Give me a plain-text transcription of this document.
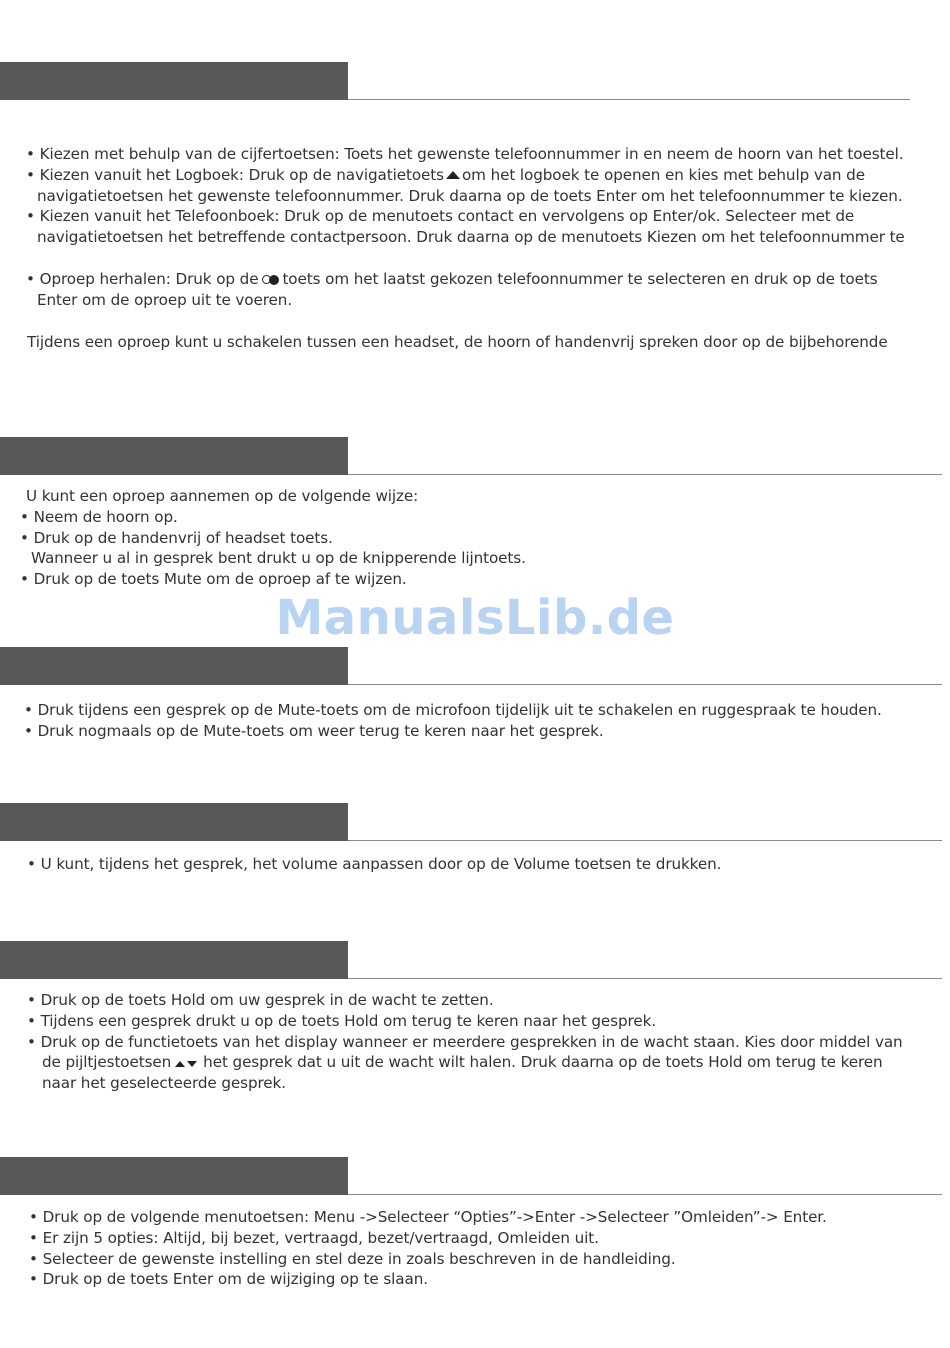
• Kiezen met behulp van de cijfertoetsen: Toets het gewenste telefoonnummer in en neem de hoorn van het toestel.
• Kiezen vanuit het Logboek: Druk op de navigatietoets om het logboek te openen en kies met behulp van de
navigatietoetsen het gewenste telefoonnummer. Druk daarna op de toets Enter om het telefoonnummer te kiezen.
• Kiezen vanuit het Telefoonboek: Druk op de menutoets contact en vervolgens op Enter/ok. Selecteer met de
navigatietoetsen het betreffende contactpersoon. Druk daarna op de menutoets Kiezen om het telefoonnummer te
• Oproep herhalen: Druk op de toets om het laatst gekozen telefoonnummer te selecteren en druk op de toets
Enter om de oproep uit te voeren.
Tijdens een oproep kunt u schakelen tussen een headset, de hoorn of handenvrij spreken door op de bijbehorende
U kunt een oproep aannemen op de volgende wijze:
• Neem de hoorn op.
• Druk op de handenvrij of headset toets.
Wanneer u al in gesprek bent drukt u op de knipperende lijntoets.
• Druk op de toets Mute om de oproep af te wijzen.
ManualsLib.de
• Druk tijdens een gesprek op de Mute-toets om de microfoon tijdelijk uit te schakelen en ruggespraak te houden.
• Druk nogmaals op de Mute-toets om weer terug te keren naar het gesprek.
• U kunt, tijdens het gesprek, het volume aanpassen door op de Volume toetsen te drukken.
• Druk op de toets Hold om uw gesprek in de wacht te zetten.
• Tijdens een gesprek drukt u op de toets Hold om terug te keren naar het gesprek.
• Druk op de functietoets van het display wanneer er meerdere gesprekken in de wacht staan. Kies door middel van
de pijltjestoetsen het gesprek dat u uit de wacht wilt halen. Druk daarna op de toets Hold om terug te keren
naar het geselecteerde gesprek.
• Druk op de volgende menutoetsen: Menu ->Selecteer “Opties”->Enter ->Selecteer ”Omleiden”-> Enter.
• Er zijn 5 opties: Altijd, bij bezet, vertraagd, bezet/vertraagd, Omleiden uit.
• Selecteer de gewenste instelling en stel deze in zoals beschreven in de handleiding.
• Druk op de toets Enter om de wijziging op te slaan.
